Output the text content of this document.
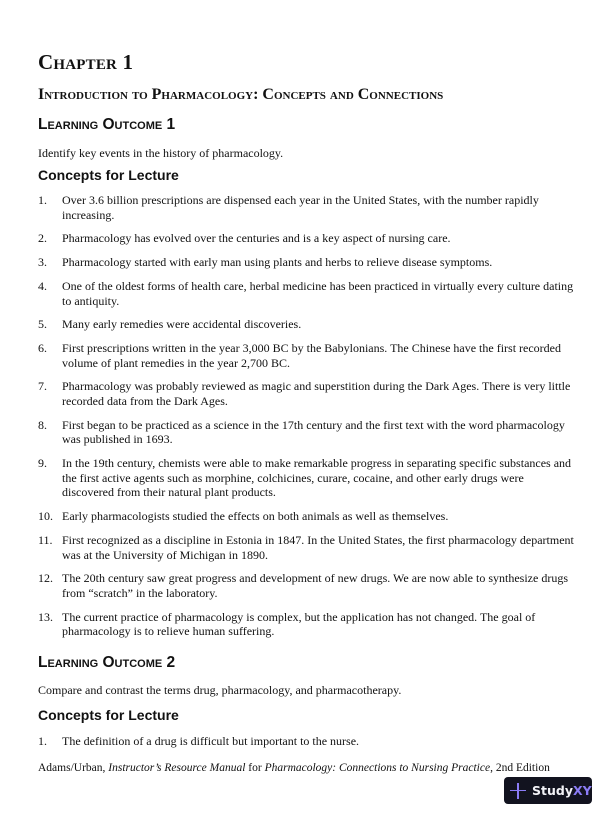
Chapter 1
Introduction to Pharmacology: Concepts and Connections
Learning Outcome 1

Identify key events in the history of pharmacology.

Concepts for Lecture
1.	Over 3.6 billion prescriptions are dispensed each year in the United States, with the number rapidly increasing.
2.	Pharmacology has evolved over the centuries and is a key aspect of nursing care.
3.	Pharmacology started with early man using plants and herbs to relieve disease symptoms.
4.	One of the oldest forms of health care, herbal medicine has been practiced in virtually every culture dating to antiquity.
5.	Many early remedies were accidental discoveries.
6.	First prescriptions written in the year 3,000 BC by the Babylonians. The Chinese have the first recorded volume of plant remedies in the year 2,700 BC.
7.	Pharmacology was probably reviewed as magic and superstition during the Dark Ages. There is very little recorded data from the Dark Ages.
8.	First began to be practiced as a science in the 17th century and the first text with the word pharmacology was published in 1693.
9.	In the 19th century, chemists were able to make remarkable progress in separating specific substances and the first active agents such as morphine, colchicines, curare, cocaine, and other early drugs were discovered from their natural plant products.
10. Early pharmacologists studied the effects on both animals as well as themselves.
11. First recognized as a discipline in Estonia in 1847. In the United States, the first pharmacology department was at the University of Michigan in 1890.
12. The 20th century saw great progress and development of new drugs. We are now able to synthesize drugs from “scratch” in the laboratory.
13. The current practice of pharmacology is complex, but the application has not changed. The goal of pharmacology is to relieve human suffering.
Learning Outcome 2

Compare and contrast the terms drug, pharmacology, and pharmacotherapy.

Concepts for Lecture
1.	The definition of a drug is difficult but important to the nurse.
Adams/Urban, Instructor’s Resource Manual for Pharmacology: Connections to Nursing Practice, 2nd Edition
StudyXY
